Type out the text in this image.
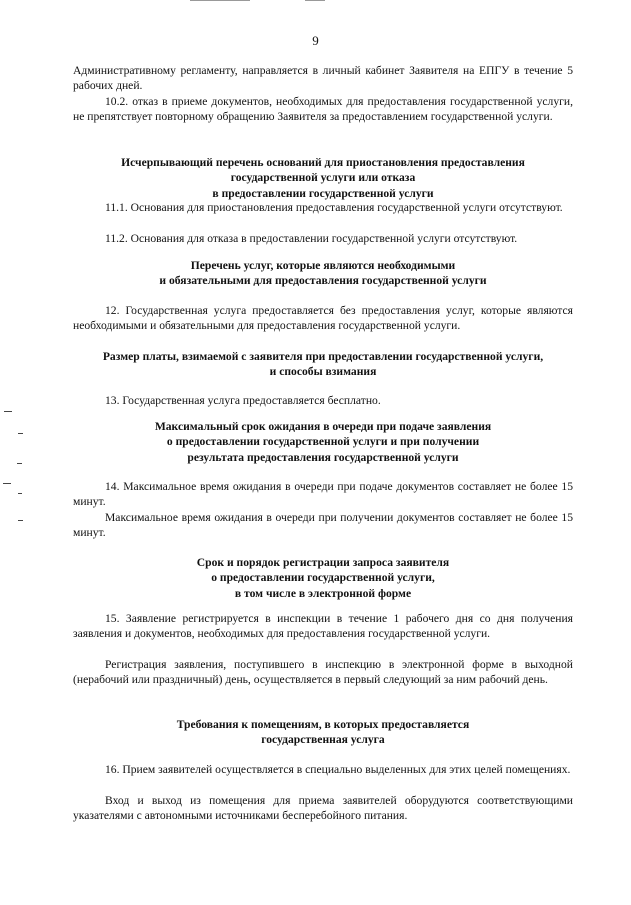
9

Административному регламенту, направляется в личный кабинет Заявителя на ЕПГУ в течение 5 рабочих дней.

10.2. отказ в приеме документов, необходимых для предоставления государственной услуги, не препятствует повторному обращению Заявителя за предоставлением государственной услуги.

Исчерпывающий перечень оснований для приостановления предоставления
государственной услуги или отказа
в предоставлении государственной услуги

11.1. Основания для приостановления предоставления государственной услуги отсутствуют.

11.2. Основания для отказа в предоставлении государственной услуги отсутствуют.

Перечень услуг, которые являются необходимыми
и обязательными для предоставления государственной услуги

12. Государственная услуга предоставляется без предоставления услуг, которые являются необходимыми и обязательными для предоставления государственной услуги.

Размер платы, взимаемой с заявителя при предоставлении государственной услуги,
и способы взимания

13. Государственная услуга предоставляется бесплатно.

Максимальный срок ожидания в очереди при подаче заявления
о предоставлении государственной услуги и при получении
результата предоставления государственной услуги

14. Максимальное время ожидания в очереди при подаче документов составляет не более 15 минут.

Максимальное время ожидания в очереди при получении документов составляет не более 15 минут.

Срок и порядок регистрации запроса заявителя
о предоставлении государственной услуги,
в том числе в электронной форме

15. Заявление регистрируется в инспекции в течение 1 рабочего дня со дня получения заявления и документов, необходимых для предоставления государственной услуги.

Регистрация заявления, поступившего в инспекцию в электронной форме в выходной (нерабочий или праздничный) день, осуществляется в первый следующий за ним рабочий день.

Требования к помещениям, в которых предоставляется
государственная услуга

16. Прием заявителей осуществляется в специально выделенных для этих целей помещениях.

Вход и выход из помещения для приема заявителей оборудуются соответствующими указателями с автономными источниками бесперебойного питания.
